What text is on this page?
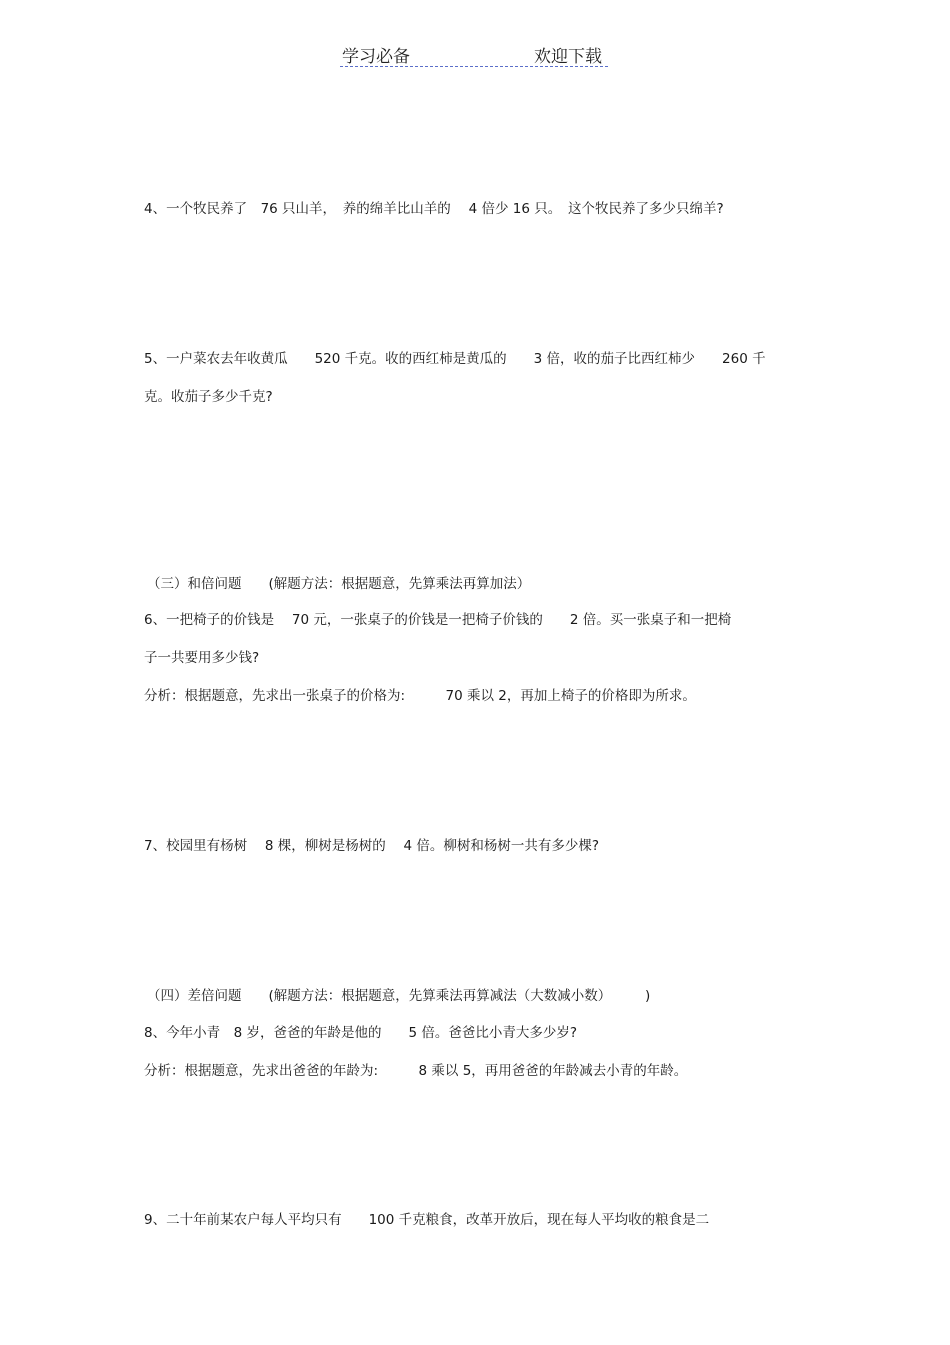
学习必备	欢迎下载
4、一个牧民养了　76 只山羊，　养的绵羊比山羊的　 4 倍少 16 只。　这个牧民养了多少只绵羊?
5、一户菜农去年收黄瓜　　520 千克。收的西红柿是黄瓜的　　3 倍，收的茄子比西红柿少　　260 千
克。收茄子多少千克?
（三）和倍问题　　(解题方法：根据题意，先算乘法再算加法）
6、一把椅子的价钱是　 70 元，一张桌子的价钱是一把椅子价钱的　　2 倍。买一张桌子和一把椅
子一共要用多少钱?
分析：根据题意，先求出一张桌子的价格为:　　　70 乘以 2，再加上椅子的价格即为所求。
7、校园里有杨树　 8 棵，柳树是杨树的　 4 倍。柳树和杨树一共有多少棵?
（四）差倍问题　　(解题方法：根据题意，先算乘法再算减法（大数减小数）　　　)
8、今年小青　8 岁，爸爸的年龄是他的　　5 倍。爸爸比小青大多少岁?
分析：根据题意，先求出爸爸的年龄为:　　　8 乘以 5，再用爸爸的年龄减去小青的年龄。
9、二十年前某农户每人平均只有　　100 千克粮食，改革开放后，现在每人平均收的粮食是二
